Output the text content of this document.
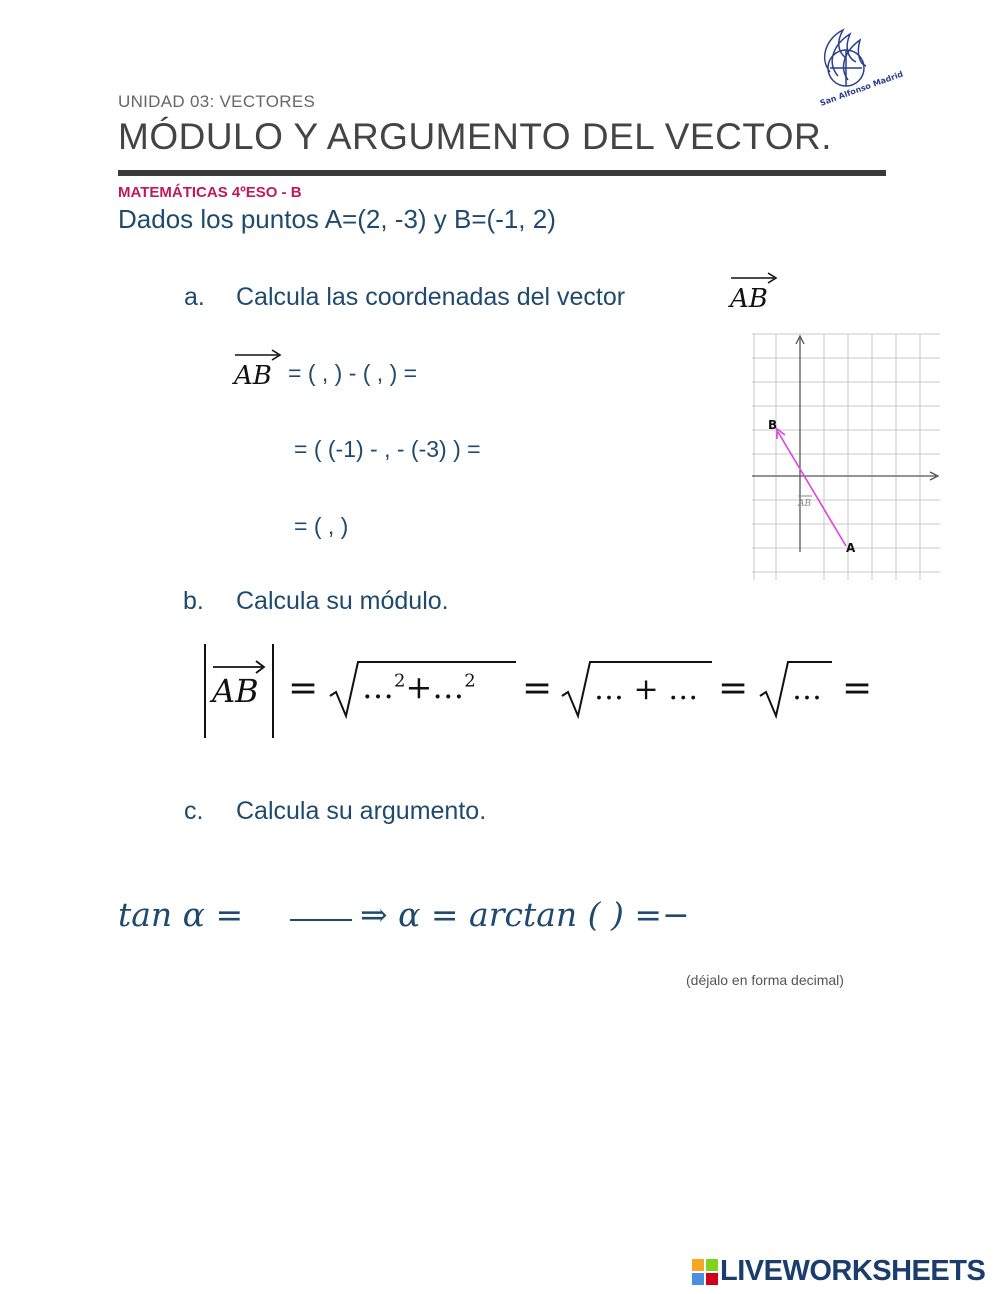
UNIDAD 03: VECTORES
MÓDULO Y ARGUMENTO DEL VECTOR.
MATEMÁTICAS 4ºESO - B
San Alfonso Madrid
Dados los puntos A=(2, -3) y B=(-1, 2)
a. Calcula las coordenadas del vector	AB
AB = ( , ) - ( , ) =
= ( (-1) - , - (-3) ) =
= ( , )
B
A
AB
b. Calcula su módulo.
AB = …$^2$+…$^2$ = … + … = … =
c. Calcula su argumento.
tan α =	⇒ α = arctan ( ) =−
(déjalo en forma decimal)
LIVEWORKSHEETS
